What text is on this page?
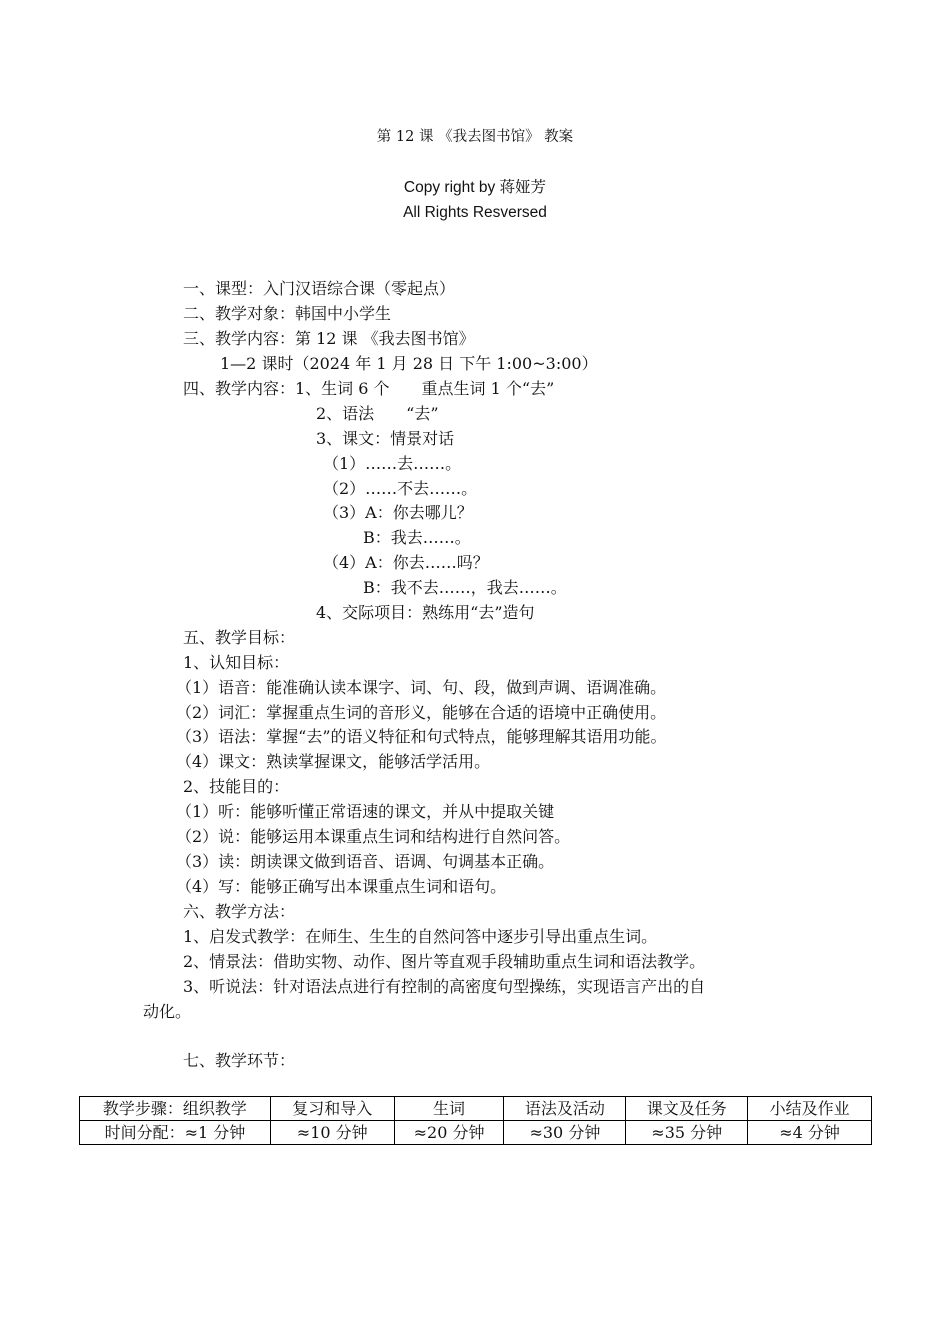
第 12 课 《我去图书馆》 教案
Copy right by 蒋娅芳
All Rights Resversed
一、课型：入门汉语综合课（零起点）
二、教学对象：韩国中小学生
三、教学内容：第 12 课 《我去图书馆》
1—2 课时（2024 年 1 月 28 日 下午 1:00~3:00）
四、教学内容：1、生词 6 个　　重点生词 1 个“去”
2、语法　　“去”
3、课文：情景对话
（1）……去……。
（2）……不去……。
（3）A：你去哪儿？
B：我去……。
（4）A：你去……吗？
B：我不去……，我去……。
4、交际项目：熟练用“去”造句
五、教学目标：
1、认知目标：
（1）语音：能准确认读本课字、词、句、段，做到声调、语调准确。
（2）词汇：掌握重点生词的音形义，能够在合适的语境中正确使用。
（3）语法：掌握“去”的语义特征和句式特点，能够理解其语用功能。
（4）课文：熟读掌握课文，能够活学活用。
2、技能目的：
（1）听：能够听懂正常语速的课文，并从中提取关键
（2）说：能够运用本课重点生词和结构进行自然问答。
（3）读：朗读课文做到语音、语调、句调基本正确。
（4）写：能够正确写出本课重点生词和语句。
六、教学方法：
1、启发式教学：在师生、生生的自然问答中逐步引导出重点生词。
2、情景法：借助实物、动作、图片等直观手段辅助重点生词和语法教学。
3、听说法：针对语法点进行有控制的高密度句型操练，实现语言产出的自
动化。
七、教学环节：
教学步骤：组织教学	复习和导入	生词	语法及活动	课文及任务	小结及作业
时间分配：≈1 分钟	≈10 分钟	≈20 分钟	≈30 分钟	≈35 分钟	≈4 分钟
